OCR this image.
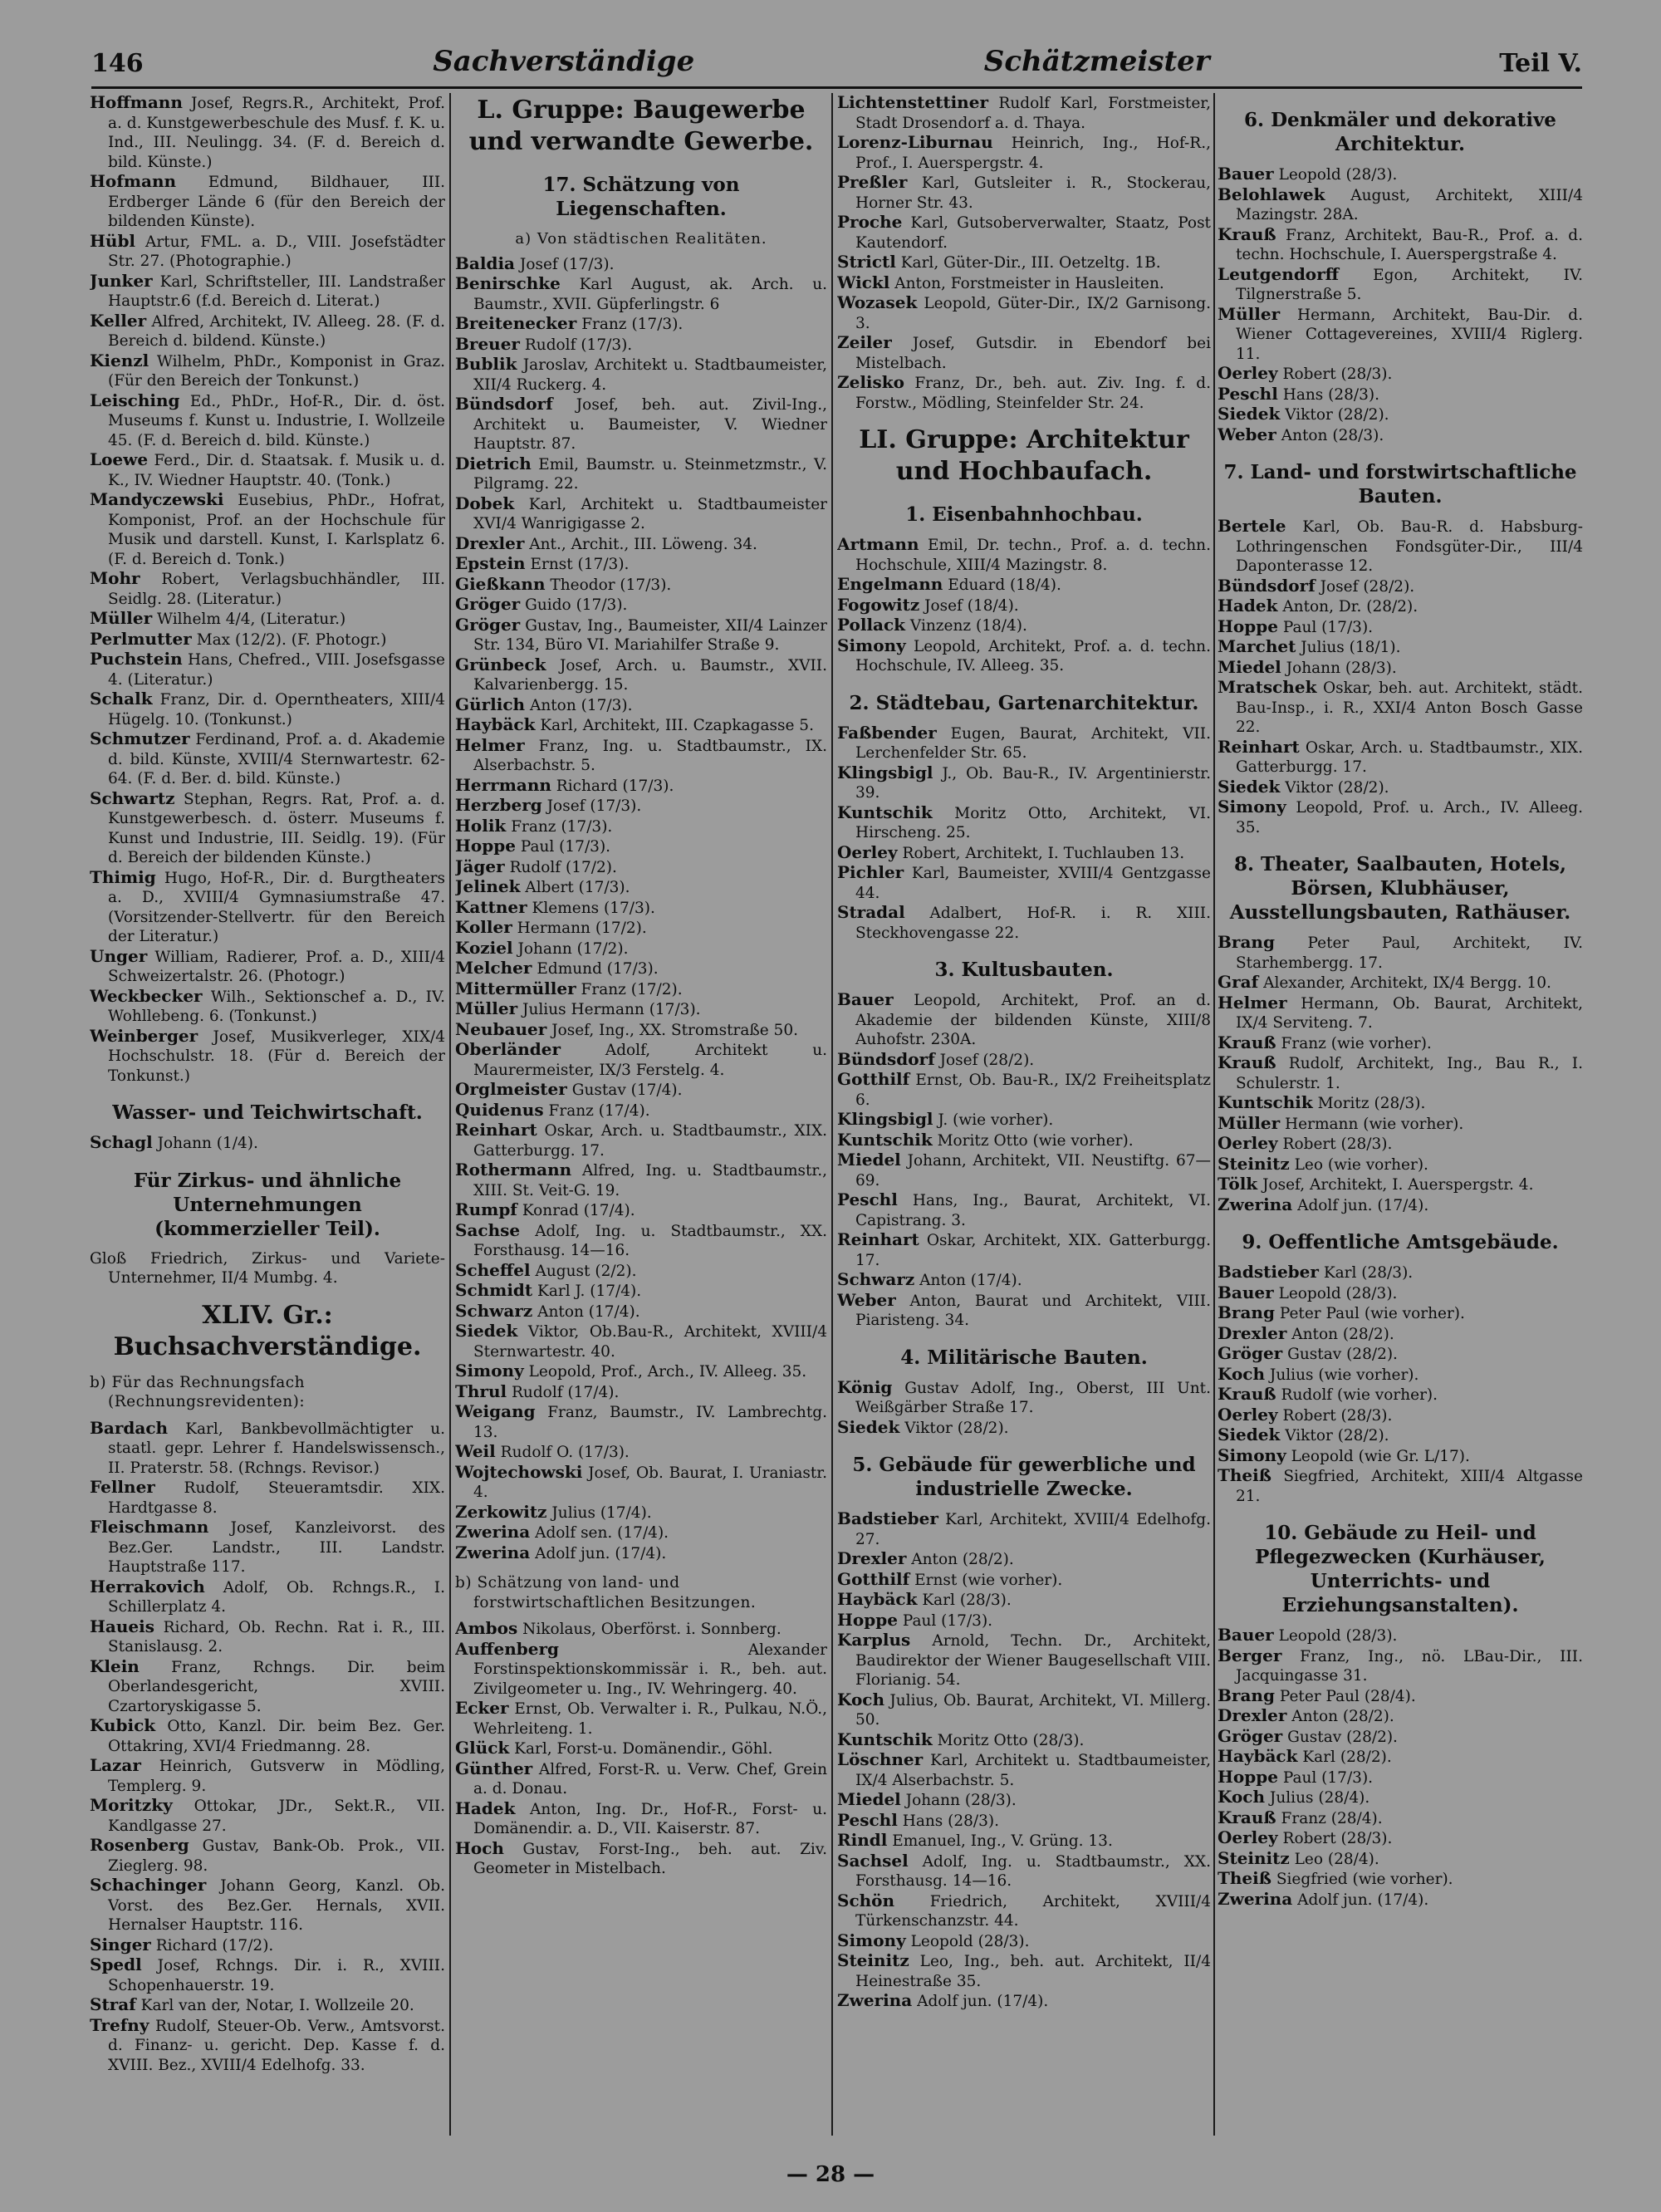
146	Sachverständige	Schätzmeister	Teil V.
Hoffmann Josef, Regrs.R., Architekt, Prof. a. d. Kunstgewerbeschule des Musf. f. K. u. Ind., III. Neulingg. 34. (F. d. Bereich d. bild. Künste.)
Hofmann Edmund, Bildhauer, III. Erdberger Lände 6 (für den Bereich der bildenden Künste).
Hübl Artur, FML. a. D., VIII. Josefstädter Str. 27. (Photographie.)
Junker Karl, Schriftsteller, III. Landstraßer Hauptstr.6 (f.d. Bereich d. Literat.)
Keller Alfred, Architekt, IV. Alleeg. 28. (F. d. Bereich d. bildend. Künste.)
Kienzl Wilhelm, PhDr., Komponist in Graz. (Für den Bereich der Tonkunst.)
Leisching Ed., PhDr., Hof-R., Dir. d. öst. Museums f. Kunst u. Industrie, I. Wollzeile 45. (F. d. Bereich d. bild. Künste.)
Loewe Ferd., Dir. d. Staatsak. f. Musik u. d. K., IV. Wiedner Hauptstr. 40. (Tonk.)
Mandyczewski Eusebius, PhDr., Hofrat, Komponist, Prof. an der Hochschule für Musik und darstell. Kunst, I. Karlsplatz 6. (F. d. Bereich d. Tonk.)
Mohr Robert, Verlagsbuchhändler, III. Seidlg. 28. (Literatur.)
Müller Wilhelm 4/4, (Literatur.)
Perlmutter Max (12/2). (F. Photogr.)
Puchstein Hans, Chefred., VIII. Josefsgasse 4. (Literatur.)
Schalk Franz, Dir. d. Operntheaters, XIII/4 Hügelg. 10. (Tonkunst.)
Schmutzer Ferdinand, Prof. a. d. Akademie d. bild. Künste, XVIII/4 Sternwartestr. 62-64. (F. d. Ber. d. bild. Künste.)
Schwartz Stephan, Regrs. Rat, Prof. a. d. Kunstgewerbesch. d. österr. Museums f. Kunst und Industrie, III. Seidlg. 19). (Für d. Bereich der bildenden Künste.)
Thimig Hugo, Hof-R., Dir. d. Burgtheaters a. D., XVIII/4 Gymnasiumstraße 47. (Vorsitzender-Stellvertr. für den Bereich der Literatur.)
Unger William, Radierer, Prof. a. D., XIII/4 Schweizertalstr. 26. (Photogr.)
Weckbecker Wilh., Sektionschef a. D., IV. Wohllebeng. 6. (Tonkunst.)
Weinberger Josef, Musikverleger, XIX/4 Hochschulstr. 18. (Für d. Bereich der Tonkunst.)
Wasser- und Teichwirtschaft.
Schagl Johann (1/4).
Für Zirkus- und ähnliche Unternehmungen (kommerzieller Teil).
Gloß Friedrich, Zirkus- und Variete-Unternehmer, II/4 Mumbg. 4.
XLIV. Gr.: Buchsachverständige.
b) Für das Rechnungsfach (Rechnungsrevidenten):
Bardach Karl, Bankbevollmächtigter u. staatl. gepr. Lehrer f. Handelswissensch., II. Praterstr. 58. (Rchngs. Revisor.)
Fellner Rudolf, Steueramtsdir. XIX. Hardtgasse 8.
Fleischmann Josef, Kanzleivorst. des Bez.Ger. Landstr., III. Landstr. Hauptstraße 117.
Herrakovich Adolf, Ob. Rchngs.R., I. Schillerplatz 4.
Haueis Richard, Ob. Rechn. Rat i. R., III. Stanislausg. 2.
Klein Franz, Rchngs. Dir. beim Oberlandesgericht, XVIII. Czartoryskigasse 5.
Kubick Otto, Kanzl. Dir. beim Bez. Ger. Ottakring, XVI/4 Friedmanng. 28.
Lazar Heinrich, Gutsverw in Mödling, Templerg. 9.
Moritzky Ottokar, JDr., Sekt.R., VII. Kandlgasse 27.
Rosenberg Gustav, Bank-Ob. Prok., VII. Zieglerg. 98.
Schachinger Johann Georg, Kanzl. Ob. Vorst. des Bez.Ger. Hernals, XVII. Hernalser Hauptstr. 116.
Singer Richard (17/2).
Spedl Josef, Rchngs. Dir. i. R., XVIII. Schopenhauerstr. 19.
Straf Karl van der, Notar, I. Wollzeile 20.
Trefny Rudolf, Steuer-Ob. Verw., Amtsvorst. d. Finanz- u. gericht. Dep. Kasse f. d. XVIII. Bez., XVIII/4 Edelhofg. 33.
L. Gruppe: Baugewerbe und verwandte Gewerbe.
17. Schätzung von Liegenschaften.
a) Von städtischen Realitäten.
Baldia Josef (17/3).
Benirschke Karl August, ak. Arch. u. Baumstr., XVII. Güpferlingstr. 6
Breitenecker Franz (17/3).
Breuer Rudolf (17/3).
Bublik Jaroslav, Architekt u. Stadtbaumeister, XII/4 Ruckerg. 4.
Bündsdorf Josef, beh. aut. Zivil-Ing., Architekt u. Baumeister, V. Wiedner Hauptstr. 87.
Dietrich Emil, Baumstr. u. Steinmetzmstr., V. Pilgramg. 22.
Dobek Karl, Architekt u. Stadtbaumeister XVI/4 Wanrigigasse 2.
Drexler Ant., Archit., III. Löweng. 34.
Epstein Ernst (17/3).
Gießkann Theodor (17/3).
Gröger Guido (17/3).
Gröger Gustav, Ing., Baumeister, XII/4 Lainzer Str. 134, Büro VI. Mariahilfer Straße 9.
Grünbeck Josef, Arch. u. Baumstr., XVII. Kalvarienbergg. 15.
Gürlich Anton (17/3).
Haybäck Karl, Architekt, III. Czapkagasse 5.
Helmer Franz, Ing. u. Stadtbaumstr., IX. Alserbachstr. 5.
Herrmann Richard (17/3).
Herzberg Josef (17/3).
Holik Franz (17/3).
Hoppe Paul (17/3).
Jäger Rudolf (17/2).
Jelinek Albert (17/3).
Kattner Klemens (17/3).
Koller Hermann (17/2).
Koziel Johann (17/2).
Melcher Edmund (17/3).
Mittermüller Franz (17/2).
Müller Julius Hermann (17/3).
Neubauer Josef, Ing., XX. Stromstraße 50.
Oberländer	Adolf, Architekt u. Maurermeister, IX/3 Ferstelg. 4.
Orglmeister Gustav (17/4).
Quidenus Franz (17/4).
Reinhart Oskar, Arch. u. Stadtbaumstr., XIX. Gatterburgg. 17.
Rothermann Alfred, Ing. u. Stadtbaumstr., XIII. St. Veit-G. 19.
Rumpf Konrad (17/4).
Sachse Adolf, Ing. u. Stadtbaumstr., XX. Forsthausg. 14—16.
Scheffel August (2/2).
Schmidt Karl J. (17/4).
Schwarz Anton (17/4).
Siedek Viktor, Ob.Bau-R., Architekt, XVIII/4 Sternwartestr. 40.
Simony Leopold, Prof., Arch., IV. Alleeg. 35.
Thrul Rudolf (17/4).
Weigang Franz, Baumstr., IV. Lambrechtg. 13.
Weil Rudolf O. (17/3).
Wojtechowski Josef, Ob. Baurat, I. Uraniastr. 4.
Zerkowitz Julius (17/4).
Zwerina Adolf sen. (17/4).
Zwerina Adolf jun. (17/4).
b) Schätzung von land- und forstwirtschaftlichen Besitzungen.
Ambos Nikolaus, Oberförst. i. Sonnberg.
Auffenberg	Alexander Forstinspektionskommissär i. R., beh. aut. Zivilgeometer u. Ing., IV. Wehringerg. 40.
Ecker Ernst, Ob. Verwalter i. R., Pulkau, N.Ö., Wehrleiteng. 1.
Glück Karl, Forst-u. Domänendir., Göhl.
Günther Alfred, Forst-R. u. Verw. Chef, Grein a. d. Donau.
Hadek Anton, Ing. Dr., Hof-R., Forst- u. Domänendir. a. D., VII. Kaiserstr. 87.
Hoch Gustav, Forst-Ing., beh. aut. Ziv. Geometer in Mistelbach.
Lichtenstettiner Rudolf Karl, Forstmeister, Stadt Drosendorf a. d. Thaya.
Lorenz-Liburnau Heinrich, Ing., Hof-R., Prof., I. Auerspergstr. 4.
Preßler Karl, Gutsleiter i. R., Stockerau, Horner Str. 43.
Proche Karl, Gutsoberverwalter, Staatz, Post Kautendorf.
Strictl Karl, Güter-Dir., III. Oetzeltg. 1B.
Wickl Anton, Forstmeister in Hausleiten.
Wozasek Leopold, Güter-Dir., IX/2 Garnisong. 3.
Zeiler Josef, Gutsdir. in Ebendorf bei Mistelbach.
Zelisko Franz, Dr., beh. aut. Ziv. Ing. f. d. Forstw., Mödling, Steinfelder Str. 24.
LI. Gruppe: Architektur und Hochbaufach.
1. Eisenbahnhochbau.
Artmann Emil, Dr. techn., Prof. a. d. techn. Hochschule, XIII/4 Mazingstr. 8.
Engelmann Eduard (18/4).
Fogowitz Josef (18/4).
Pollack Vinzenz (18/4).
Simony Leopold, Architekt, Prof. a. d. techn. Hochschule, IV. Alleeg. 35.
2. Städtebau, Gartenarchitektur.
Faßbender Eugen, Baurat, Architekt, VII. Lerchenfelder Str. 65.
Klingsbigl J., Ob. Bau-R., IV. Argentinierstr. 39.
Kuntschik Moritz Otto, Architekt, VI. Hirscheng. 25.
Oerley Robert, Architekt, I. Tuchlauben 13.
Pichler Karl, Baumeister, XVIII/4 Gentzgasse 44.
Stradal Adalbert, Hof-R. i. R. XIII. Steckhovengasse 22.
3. Kultusbauten.
Bauer Leopold, Architekt, Prof. an d. Akademie der bildenden Künste, XIII/8 Auhofstr. 230A.
Bündsdorf Josef (28/2).
Gotthilf Ernst, Ob. Bau-R., IX/2 Freiheitsplatz 6.
Klingsbigl J. (wie vorher).
Kuntschik Moritz Otto (wie vorher).
Miedel Johann, Architekt, VII. Neustiftg. 67—69.
Peschl Hans, Ing., Baurat, Architekt, VI. Capistrang. 3.
Reinhart Oskar, Architekt, XIX. Gatterburgg. 17.
Schwarz Anton (17/4).
Weber Anton, Baurat und Architekt, VIII. Piaristeng. 34.
4. Militärische Bauten.
König Gustav Adolf, Ing., Oberst, III Unt. Weißgärber Straße 17.
Siedek Viktor (28/2).
5. Gebäude für gewerbliche und industrielle Zwecke.
Badstieber Karl, Architekt, XVIII/4 Edelhofg. 27.
Drexler Anton (28/2).
Gotthilf Ernst (wie vorher).
Haybäck Karl (28/3).
Hoppe Paul (17/3).
Karplus Arnold, Techn. Dr., Architekt, Baudirektor der Wiener Baugesellschaft VIII. Florianig. 54.
Koch Julius, Ob. Baurat, Architekt, VI. Millerg. 50.
Kuntschik Moritz Otto (28/3).
Löschner Karl, Architekt u. Stadtbaumeister, IX/4 Alserbachstr. 5.
Miedel Johann (28/3).
Peschl Hans (28/3).
Rindl Emanuel, Ing., V. Grüng. 13.
Sachsel Adolf, Ing. u. Stadtbaumstr., XX. Forsthausg. 14—16.
Schön Friedrich, Architekt, XVIII/4 Türkenschanzstr. 44.
Simony Leopold (28/3).
Steinitz Leo, Ing., beh. aut. Architekt, II/4 Heinestraße 35.
Zwerina Adolf jun. (17/4).
6. Denkmäler und dekorative Architektur.
Bauer Leopold (28/3).
Belohlawek August, Architekt, XIII/4 Mazingstr. 28A.
Krauß Franz, Architekt, Bau-R., Prof. a. d. techn. Hochschule, I. Auerspergstraße 4.
Leutgendorff Egon, Architekt, IV. Tilgnerstraße 5.
Müller Hermann, Architekt, Bau-Dir. d. Wiener Cottagevereines, XVIII/4 Riglerg. 11.
Oerley Robert (28/3).
Peschl Hans (28/3).
Siedek Viktor (28/2).
Weber Anton (28/3).
7. Land- und forstwirtschaftliche Bauten.
Bertele Karl, Ob. Bau-R. d. Habsburg-Lothringenschen Fondsgüter-Dir., III/4 Daponteгasse 12.
Bündsdorf Josef (28/2).
Hadek Anton, Dr. (28/2).
Hoppe Paul (17/3).
Marchet Julius (18/1).
Miedel Johann (28/3).
Mratschek Oskar, beh. aut. Architekt, städt. Bau-Insp., i. R., XXI/4 Anton Bosch Gasse 22.
Reinhart Oskar, Arch. u. Stadtbaumstr., XIX. Gatterburgg. 17.
Siedek Viktor (28/2).
Simony Leopold, Prof. u. Arch., IV. Alleeg. 35.
8. Theater, Saalbauten, Hotels, Börsen, Klubhäuser, Ausstellungsbauten, Rathäuser.
Brang Peter Paul, Architekt, IV. Starhembergg. 17.
Graf Alexander, Architekt, IX/4 Bergg. 10.
Helmer Hermann, Ob. Baurat, Architekt, IX/4 Servitеng. 7.
Krauß Franz (wie vorher).
Krauß Rudolf, Architekt, Ing., Bau R., I. Schulerstr. 1.
Kuntschik Moritz (28/3).
Müller Hermann (wie vorher).
Oerley Robert (28/3).
Steinitz Leo (wie vorher).
Tölk Josef, Architekt, I. Auerspergstr. 4.
Zwerina Adolf jun. (17/4).
9. Oeffentliche Amtsgebäude.
Badstieber Karl (28/3).
Bauer Leopold (28/3).
Brang Peter Paul (wie vorher).
Drexler Anton (28/2).
Gröger Gustav (28/2).
Koch Julius (wie vorher).
Krauß Rudolf (wie vorher).
Oerley Robert (28/3).
Siedek Viktor (28/2).
Simony Leopold (wie Gr. L/17).
Theiß Siegfried, Architekt, XIII/4 Altgasse 21.
10. Gebäude zu Heil- und Pflegezwecken (Kurhäuser, Unterrichts- und Erziehungsanstalten).
Bauer Leopold (28/3).
Berger Franz, Ing., nö. LBau-Dir., III. Jacquingasse 31.
Brang Peter Paul (28/4).
Drexler Anton (28/2).
Gröger Gustav (28/2).
Haybäck Karl (28/2).
Hoppe Paul (17/3).
Koch Julius (28/4).
Krauß Franz (28/4).
Oerley Robert (28/3).
Steinitz Leo (28/4).
Theiß Siegfried (wie vorher).
Zwerina Adolf jun. (17/4).
— 28 —
